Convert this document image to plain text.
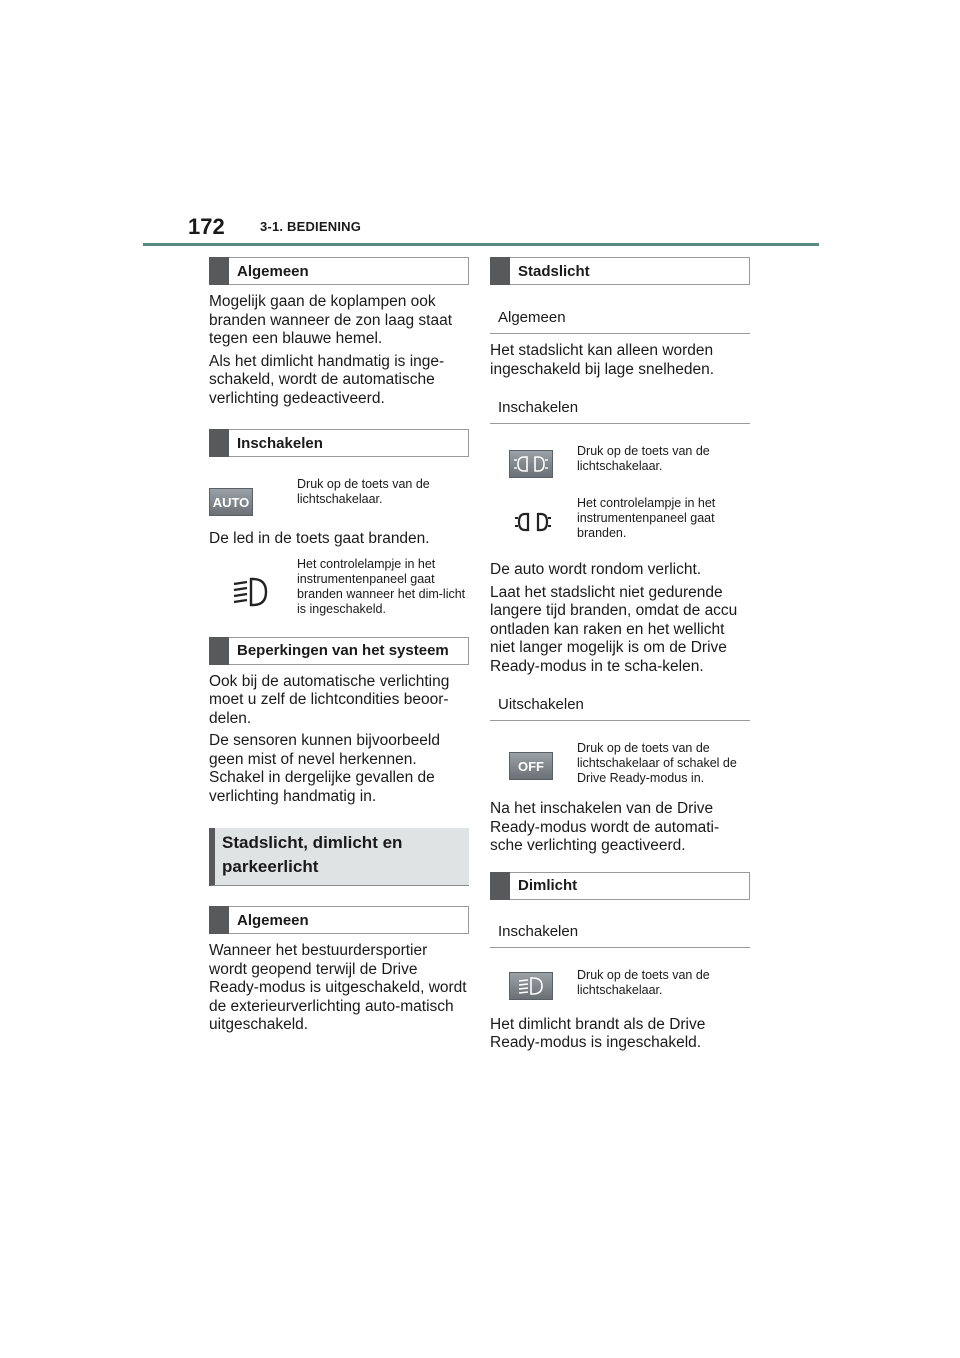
172	3-1. BEDIENING
Algemeen

Mogelijk gaan de koplampen ook branden wanneer de zon laag staat tegen een blauwe hemel.

Als het dimlicht handmatig is inge-schakeld, wordt de automatische verlichting gedeactiveerd.

Inschakelen
AUTO
Druk op de toets van de lichtschakelaar.

De led in de toets gaat branden.

Het controlelampje in het instrumentenpaneel gaat branden wanneer het dim-licht is ingeschakeld.
Beperkingen van het systeem

Ook bij de automatische verlichting moet u zelf de lichtcondities beoor-delen.

De sensoren kunnen bijvoorbeeld geen mist of nevel herkennen. Schakel in dergelijke gevallen de verlichting handmatig in.

Stadslicht, dimlicht en parkeerlicht
Algemeen

Wanneer het bestuurdersportier wordt geopend terwijl de Drive Ready-modus is uitgeschakeld, wordt de exterieurverlichting auto-matisch uitgeschakeld.

Stadslicht
Algemeen

Het stadslicht kan alleen worden ingeschakeld bij lage snelheden.

Inschakelen
Druk op de toets van de lichtschakelaar.
Het controlelampje in het instrumentenpaneel gaat branden.

De auto wordt rondom verlicht.

Laat het stadslicht niet gedurende langere tijd branden, omdat de accu ontladen kan raken en het wellicht niet langer mogelijk is om de Drive Ready-modus in te scha-kelen.

Uitschakelen
OFF
Druk op de toets van de lichtschakelaar of schakel de Drive Ready-modus in.

Na het inschakelen van de Drive Ready-modus wordt de automati-sche verlichting geactiveerd.

Dimlicht
Inschakelen
Druk op de toets van de lichtschakelaar.

Het dimlicht brandt als de Drive Ready-modus is ingeschakeld.
